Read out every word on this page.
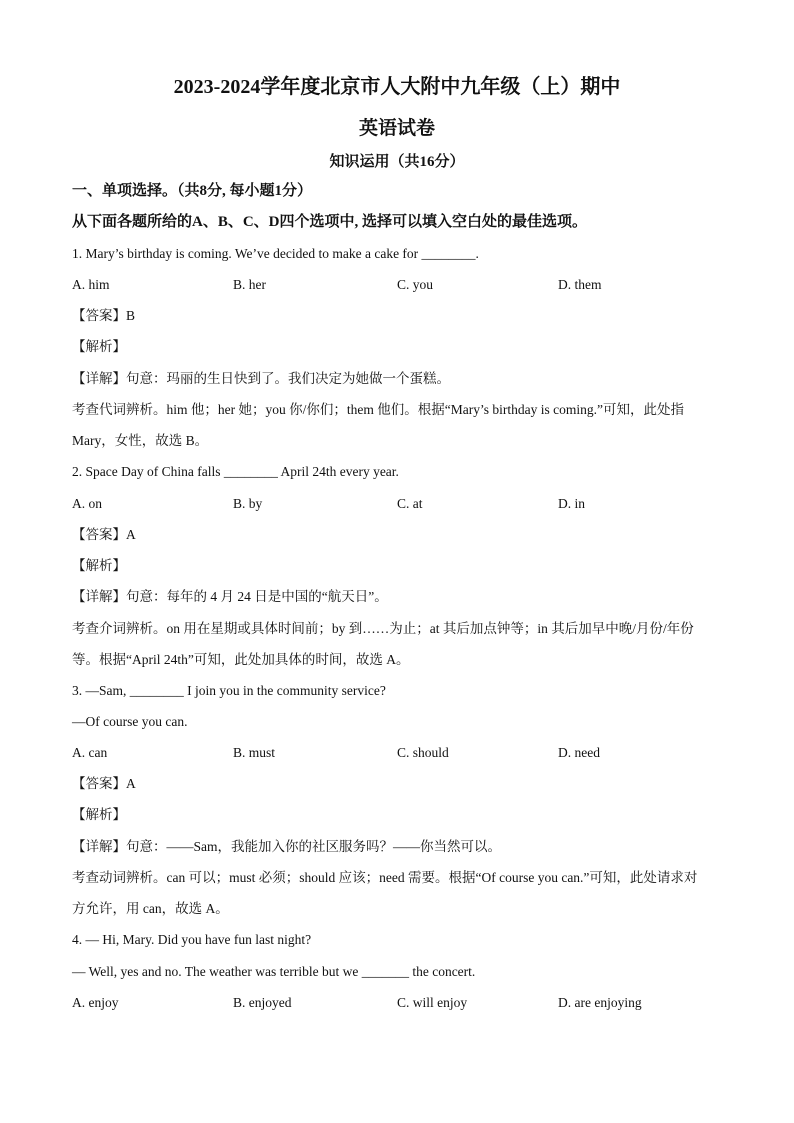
2023-2024学年度北京市人大附中九年级（上）期中
英语试卷
知识运用（共16分）
一、单项选择。（共8分, 每小题1分）
从下面各题所给的A、B、C、D四个选项中, 选择可以填入空白处的最佳选项。
1. Mary’s birthday is coming. We’ve decided to make a cake for ________.
A. him	B. her	C. you	D. them
【答案】B
【解析】
【详解】句意：玛丽的生日快到了。我们决定为她做一个蛋糕。
考查代词辨析。him 他；her 她；you 你/你们；them 他们。根据“Mary’s birthday is coming.”可知，此处指
Mary，女性，故选 B。
2. Space Day of China falls ________ April 24th every year.
A. on	B. by	C. at	D. in
【答案】A
【解析】
【详解】句意：每年的 4 月 24 日是中国的“航天日”。
考查介词辨析。on 用在星期或具体时间前；by 到……为止；at 其后加点钟等；in 其后加早中晚/月份/年份
等。根据“April 24th”可知，此处加具体的时间，故选 A。
3. —Sam, ________ I join you in the community service?
—Of course you can.
A. can	B. must	C. should	D. need
【答案】A
【解析】
【详解】句意：——Sam，我能加入你的社区服务吗？——你当然可以。
考查动词辨析。can 可以；must 必须；should 应该；need 需要。根据“Of course you can.”可知，此处请求对
方允许，用 can，故选 A。
4. — Hi, Mary. Did you have fun last night?
— Well, yes and no. The weather was terrible but we _______ the concert.
A. enjoy	B. enjoyed	C. will enjoy	D. are enjoying
